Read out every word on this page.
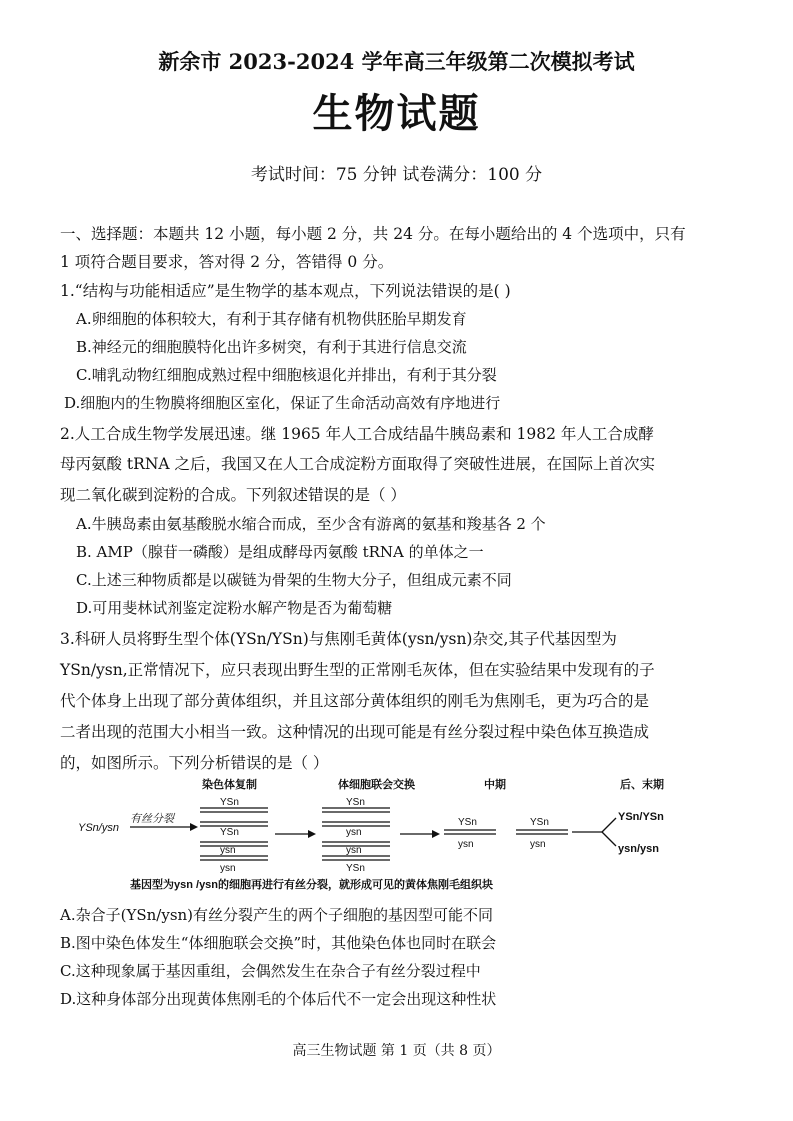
新余市 2023-2024 学年高三年级第二次模拟考试
生物试题
考试时间：75 分钟 试卷满分：100 分
一、选择题：本题共 12 小题，每小题 2 分，共 24 分。在每小题给出的 4 个选项中，只有
1 项符合题目要求，答对得 2 分，答错得 0 分。
1.“结构与功能相适应”是生物学的基本观点，下列说法错误的是( )
A.卵细胞的体积较大，有利于其存储有机物供胚胎早期发育
B.神经元的细胞膜特化出许多树突，有利于其进行信息交流
C.哺乳动物红细胞成熟过程中细胞核退化并排出，有利于其分裂
D.细胞内的生物膜将细胞区室化，保证了生命活动高效有序地进行
2.人工合成生物学发展迅速。继 1965 年人工合成结晶牛胰岛素和 1982 年人工合成酵
母丙氨酸 tRNA 之后，我国又在人工合成淀粉方面取得了突破性进展，在国际上首次实
现二氧化碳到淀粉的合成。下列叙述错误的是（ ）
A.牛胰岛素由氨基酸脱水缩合而成，至少含有游离的氨基和羧基各 2 个
B. AMP（腺苷一磷酸）是组成酵母丙氨酸 tRNA 的单体之一
C.上述三种物质都是以碳链为骨架的生物大分子，但组成元素不同
D.可用斐林试剂鉴定淀粉水解产物是否为葡萄糖
3.科研人员将野生型个体(YSn/YSn)与焦刚毛黄体(ysn/ysn)杂交,其子代基因型为
YSn/ysn,正常情况下，应只表现出野生型的正常刚毛灰体，但在实验结果中发现有的子
代个体身上出现了部分黄体组织，并且这部分黄体组织的刚毛为焦刚毛，更为巧合的是
二者出现的范围大小相当一致。这种情况的出现可能是有丝分裂过程中染色体互换造成
的，如图所示。下列分析错误的是（ ）
染色体复制	体细胞联会交换	中期	后、末期
YSn/ysn
有丝分裂
YSn
YSn
ysn
ysn
YSn
ysn
ysn
YSn
YSn
ysn
YSn
ysn
YSn/YSn
ysn/ysn
基因型为ysn /ysn的细胞再进行有丝分裂，就形成可见的黄体焦刚毛组织块
A.杂合子(YSn/ysn)有丝分裂产生的两个子细胞的基因型可能不同
B.图中染色体发生“体细胞联会交换”时，其他染色体也同时在联会
C.这种现象属于基因重组，会偶然发生在杂合子有丝分裂过程中
D.这种身体部分出现黄体焦刚毛的个体后代不一定会出现这种性状
高三生物试题 第 1 页（共 8 页）
